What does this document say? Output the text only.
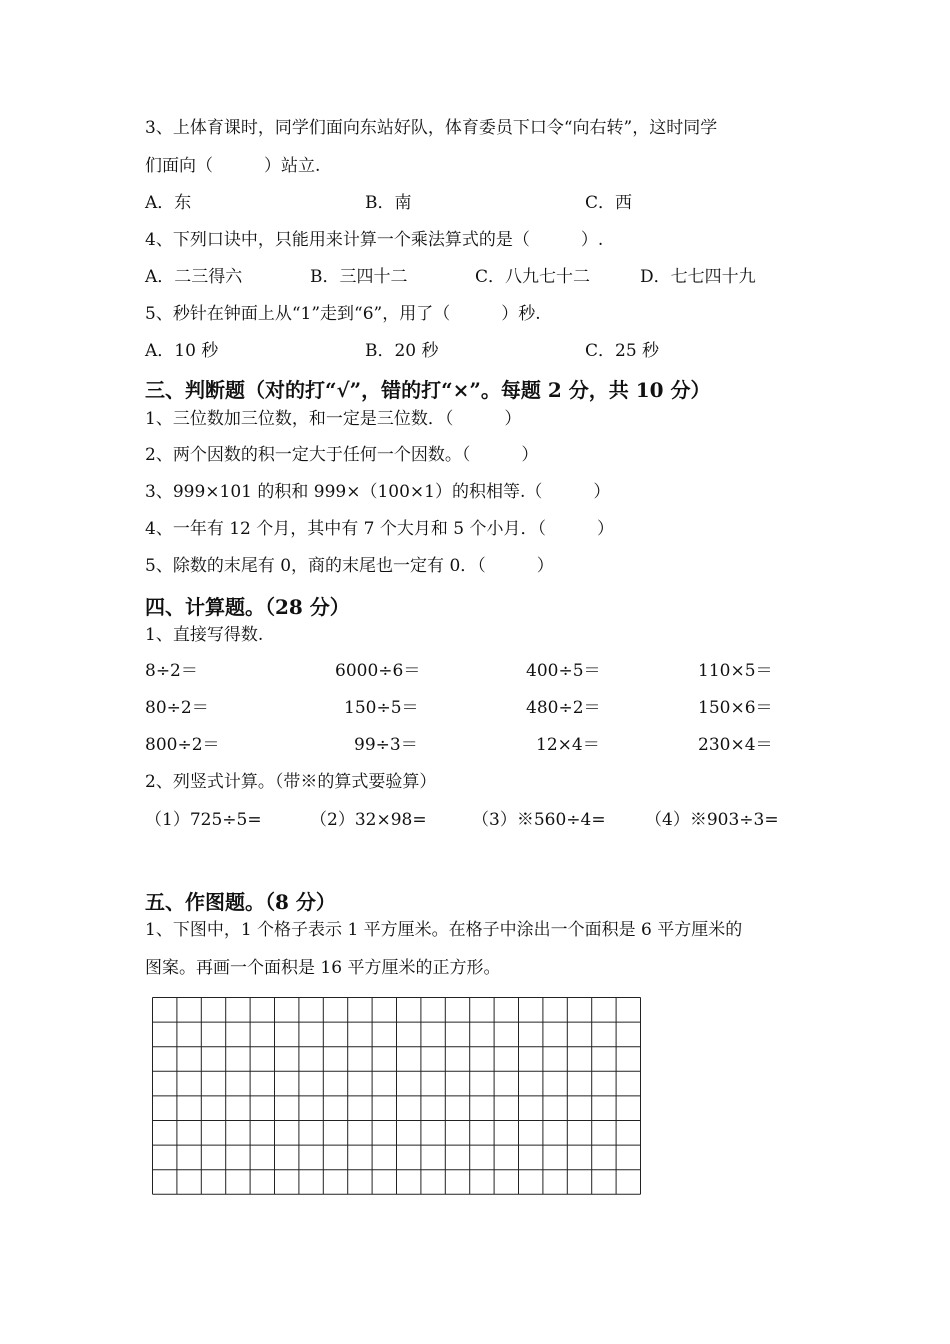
3、上体育课时，同学们面向东站好队，体育委员下口令“向右转”，这时同学
们面向（　　　）站立.
A．东	B．南	C．西
4、下列口诀中，只能用来计算一个乘法算式的是（　　　）.
A．二三得六	B．三四十二	C．八九七十二	D．七七四十九
5、秒针在钟面上从“1”走到“6”，用了（　　　）秒.
A．10 秒	B．20 秒	C．25 秒
三、判断题（对的打“√”，错的打“×”。每题 2 分，共 10 分）
1、三位数加三位数，和一定是三位数．（　　　）
2、两个因数的积一定大于任何一个因数。（　　　）
3、999×101 的积和 999×（100×1）的积相等.（　　　）
4、一年有 12 个月，其中有 7 个大月和 5 个小月．（　　　）
5、除数的末尾有 0，商的末尾也一定有 0．（　　　）
四、计算题。（28 分）
1、直接写得数.
8÷2＝	6000÷6＝	400÷5＝	110×5＝
80÷2＝	150÷5＝	480÷2＝	150×6＝
800÷2＝	99÷3＝	12×4＝	230×4＝
2、列竖式计算。（带※的算式要验算）
（1）725÷5=	（2）32×98=	（3）※560÷4= （4）※903÷3=
五、作图题。（8 分）
1、下图中，1 个格子表示 1 平方厘米。在格子中涂出一个面积是 6 平方厘米的
图案。再画一个面积是 16 平方厘米的正方形。
